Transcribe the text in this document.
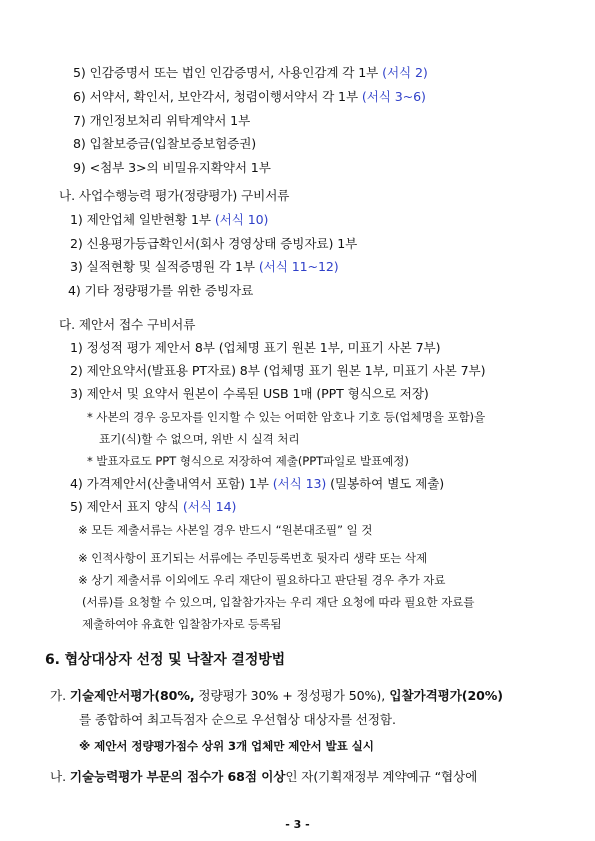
5) 인감증명서 또는 법인 인감증명서, 사용인감계 각 1부 (서식 2)
6) 서약서, 확인서, 보안각서, 청렴이행서약서 각 1부 (서식 3~6)
7) 개인정보처리 위탁계약서 1부
8) 입찰보증금(입찰보증보험증권)
9) <첨부 3>의 비밀유지확약서 1부
나. 사업수행능력 평가(정량평가) 구비서류
1) 제안업체 일반현황 1부 (서식 10)
2) 신용평가등급확인서(회사 경영상태 증빙자료) 1부
3) 실적현황 및 실적증명원 각 1부 (서식 11~12)
4) 기타 정량평가를 위한 증빙자료
다. 제안서 접수 구비서류
1) 정성적 평가 제안서 8부 (업체명 표기 원본 1부, 미표기 사본 7부)
2) 제안요약서(발표용 PT자료) 8부 (업체명 표기 원본 1부, 미표기 사본 7부)
3) 제안서 및 요약서 원본이 수록된 USB 1매 (PPT 형식으로 저장)
* 사본의 경우 응모자를 인지할 수 있는 어떠한 암호나 기호 등(업체명을 포함)을
표기(식)할 수 없으며, 위반 시 실격 처리
* 발표자료도 PPT 형식으로 저장하여 제출(PPT파일로 발표예정)
4) 가격제안서(산출내역서 포함) 1부 (서식 13) (밀봉하여 별도 제출)
5) 제안서 표지 양식 (서식 14)
※ 모든 제출서류는 사본일 경우 반드시 “원본대조필” 일 것
※ 인적사항이 표기되는 서류에는 주민등록번호 뒷자리 생략 또는 삭제
※ 상기 제출서류 이외에도 우리 재단이 필요하다고 판단될 경우 추가 자료
(서류)를 요청할 수 있으며, 입찰참가자는 우리 재단 요청에 따라 필요한 자료를
제출하여야 유효한 입찰참가자로 등록됨
6. 협상대상자 선정 및 낙찰자 결정방법
가. 기술제안서평가(80%, 정량평가 30% + 정성평가 50%), 입찰가격평가(20%)
를 종합하여 최고득점자 순으로 우선협상 대상자를 선정함.
※ 제안서 정량평가점수 상위 3개 업체만 제안서 발표 실시
나. 기술능력평가 부문의 점수가 68점 이상인 자(기획재정부 계약예규 “협상에
- 3 -
